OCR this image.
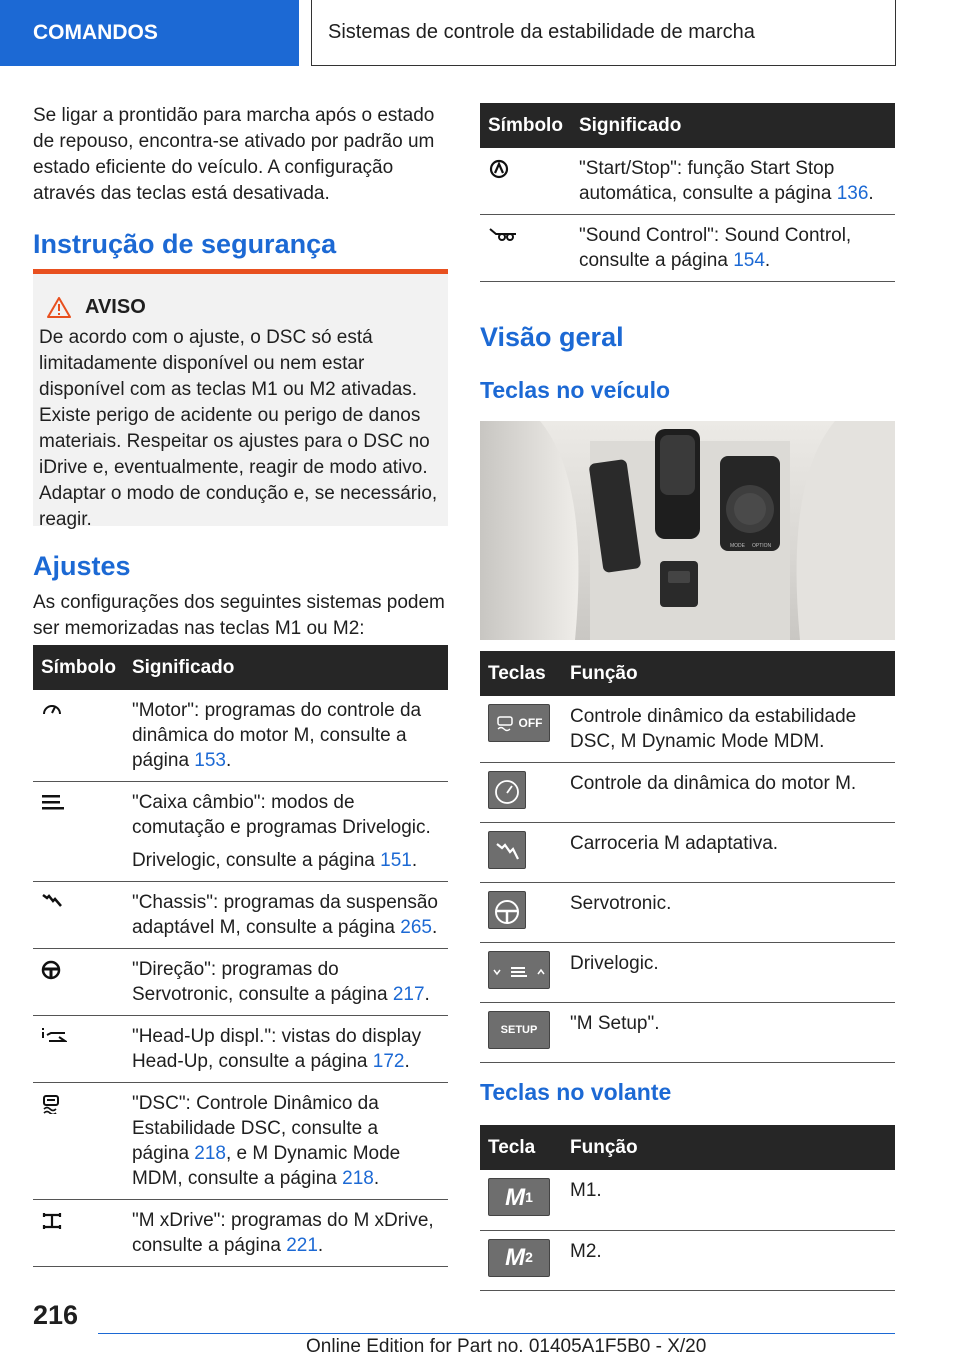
COMANDOS	Sistemas de controle da estabilidade de marcha

Se ligar a prontidão para marcha após o estado de repouso, encontra-se ativado por padrão um estado eficiente do veículo. A configuração através das teclas está desativada.

Instrução de segurança
AVISO

De acordo com o ajuste, o DSC só está limitadamente disponível ou nem estar disponível com as teclas M1 ou M2 ativadas. Existe perigo de acidente ou perigo de danos materiais. Respeitar os ajustes para o DSC no iDrive e, eventualmente, reagir de modo ativo. Adaptar o modo de condução e, se necessário, reagir.

Ajustes

As configurações dos seguintes sistemas podem ser memorizadas nas teclas M1 ou M2:

Símbolo	Significado

	"Motor": programas do controle da dinâmica do motor M, consulte a página 153.

"Caixa câmbio": modos de comutação e programas Drivelogic.
Drivelogic, consulte a página 151.

	"Chassis": programas da suspensão adaptável M, consulte a página 265.

	"Direção": programas do Servotronic, consulte a página 217.

	"Head-Up displ.": vistas do display Head-Up, consulte a página 172.

	"DSC": Controle Dinâmico da Estabilidade DSC, consulte a página 218, e M Dynamic Mode MDM, consulte a página 218.

	"M xDrive": programas do M xDrive, consulte a página 221.
Símbolo	Significado

	"Start/Stop": função Start Stop automática, consulte a página 136.

	"Sound Control": Sound Control, consulte a página 154.
Visão geral
Teclas no veículo
MODE OPTION
Teclas	Função

OFF	Controle dinâmico da estabilidade DSC, M Dynamic Mode MDM.

	Controle da dinâmica do motor M.

	Carroceria M adaptativa.

	Servotronic.

	Drivelogic.

SETUP	"M Setup".
Teclas no volante
Tecla	Função

M 1	M1.

M 2	M2.
216
Online Edition for Part no. 01405A1F5B0 - X/20
